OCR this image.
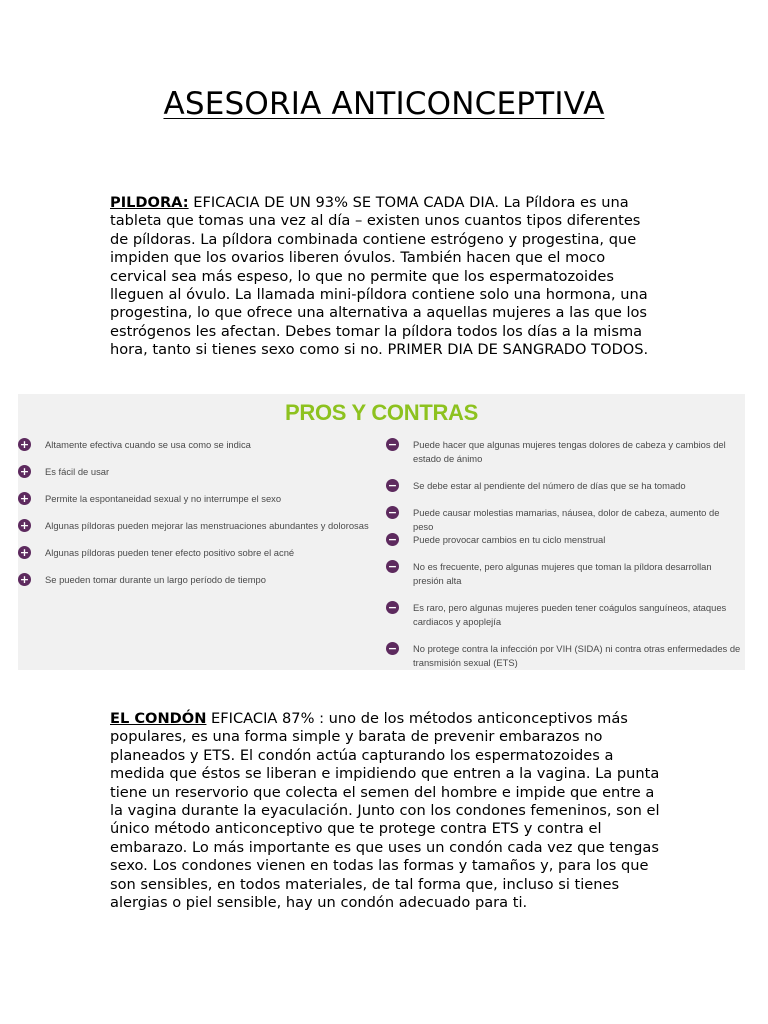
ASESORIA ANTICONCEPTIVA
PILDORA: EFICACIA DE UN 93% SE TOMA CADA DIA. La Píldora es una tableta que tomas una vez al día – existen unos cuantos tipos diferentes de píldoras. La píldora combinada contiene estrógeno y progestina, que impiden que los ovarios liberen óvulos. También hacen que el moco cervical sea más espeso, lo que no permite que los espermatozoides lleguen al óvulo. La llamada mini-píldora contiene solo una hormona, una progestina, lo que ofrece una alternativa a aquellas mujeres a las que los estrógenos les afectan. Debes tomar la píldora todos los días a la misma hora, tanto si tienes sexo como si no. PRIMER DIA DE SANGRADO TODOS.
PROS Y CONTRAS
+ Altamente efectiva cuando se usa como se indica
+ Es fácil de usar
+ Permite la espontaneidad sexual y no interrumpe el sexo
+ Algunas píldoras pueden mejorar las menstruaciones abundantes y dolorosas
+ Algunas píldoras pueden tener efecto positivo sobre el acné
+ Se pueden tomar durante un largo período de tiempo
− Puede hacer que algunas mujeres tengas dolores de cabeza y cambios del estado de ánimo
− Se debe estar al pendiente del número de días que se ha tomado
− Puede causar molestias mamarias, náusea, dolor de cabeza, aumento de peso
− Puede provocar cambios en tu ciclo menstrual
− No es frecuente, pero algunas mujeres que toman la píldora desarrollan presión alta
− Es raro, pero algunas mujeres pueden tener coágulos sanguíneos, ataques cardiacos y apoplejía
− No protege contra la infección por VIH (SIDA) ni contra otras enfermedades de transmisión sexual (ETS)
EL CONDÓN EFICACIA 87% : uno de los métodos anticonceptivos más populares, es una forma simple y barata de prevenir embarazos no planeados y ETS. El condón actúa capturando los espermatozoides a medida que éstos se liberan e impidiendo que entren a la vagina. La punta tiene un reservorio que colecta el semen del hombre e impide que entre a la vagina durante la eyaculación. Junto con los condones femeninos, son el único método anticonceptivo que te protege contra ETS y contra el embarazo. Lo más importante es que uses un condón cada vez que tengas sexo. Los condones vienen en todas las formas y tamaños y, para los que son sensibles, en todos materiales, de tal forma que, incluso si tienes alergias o piel sensible, hay un condón adecuado para ti.
